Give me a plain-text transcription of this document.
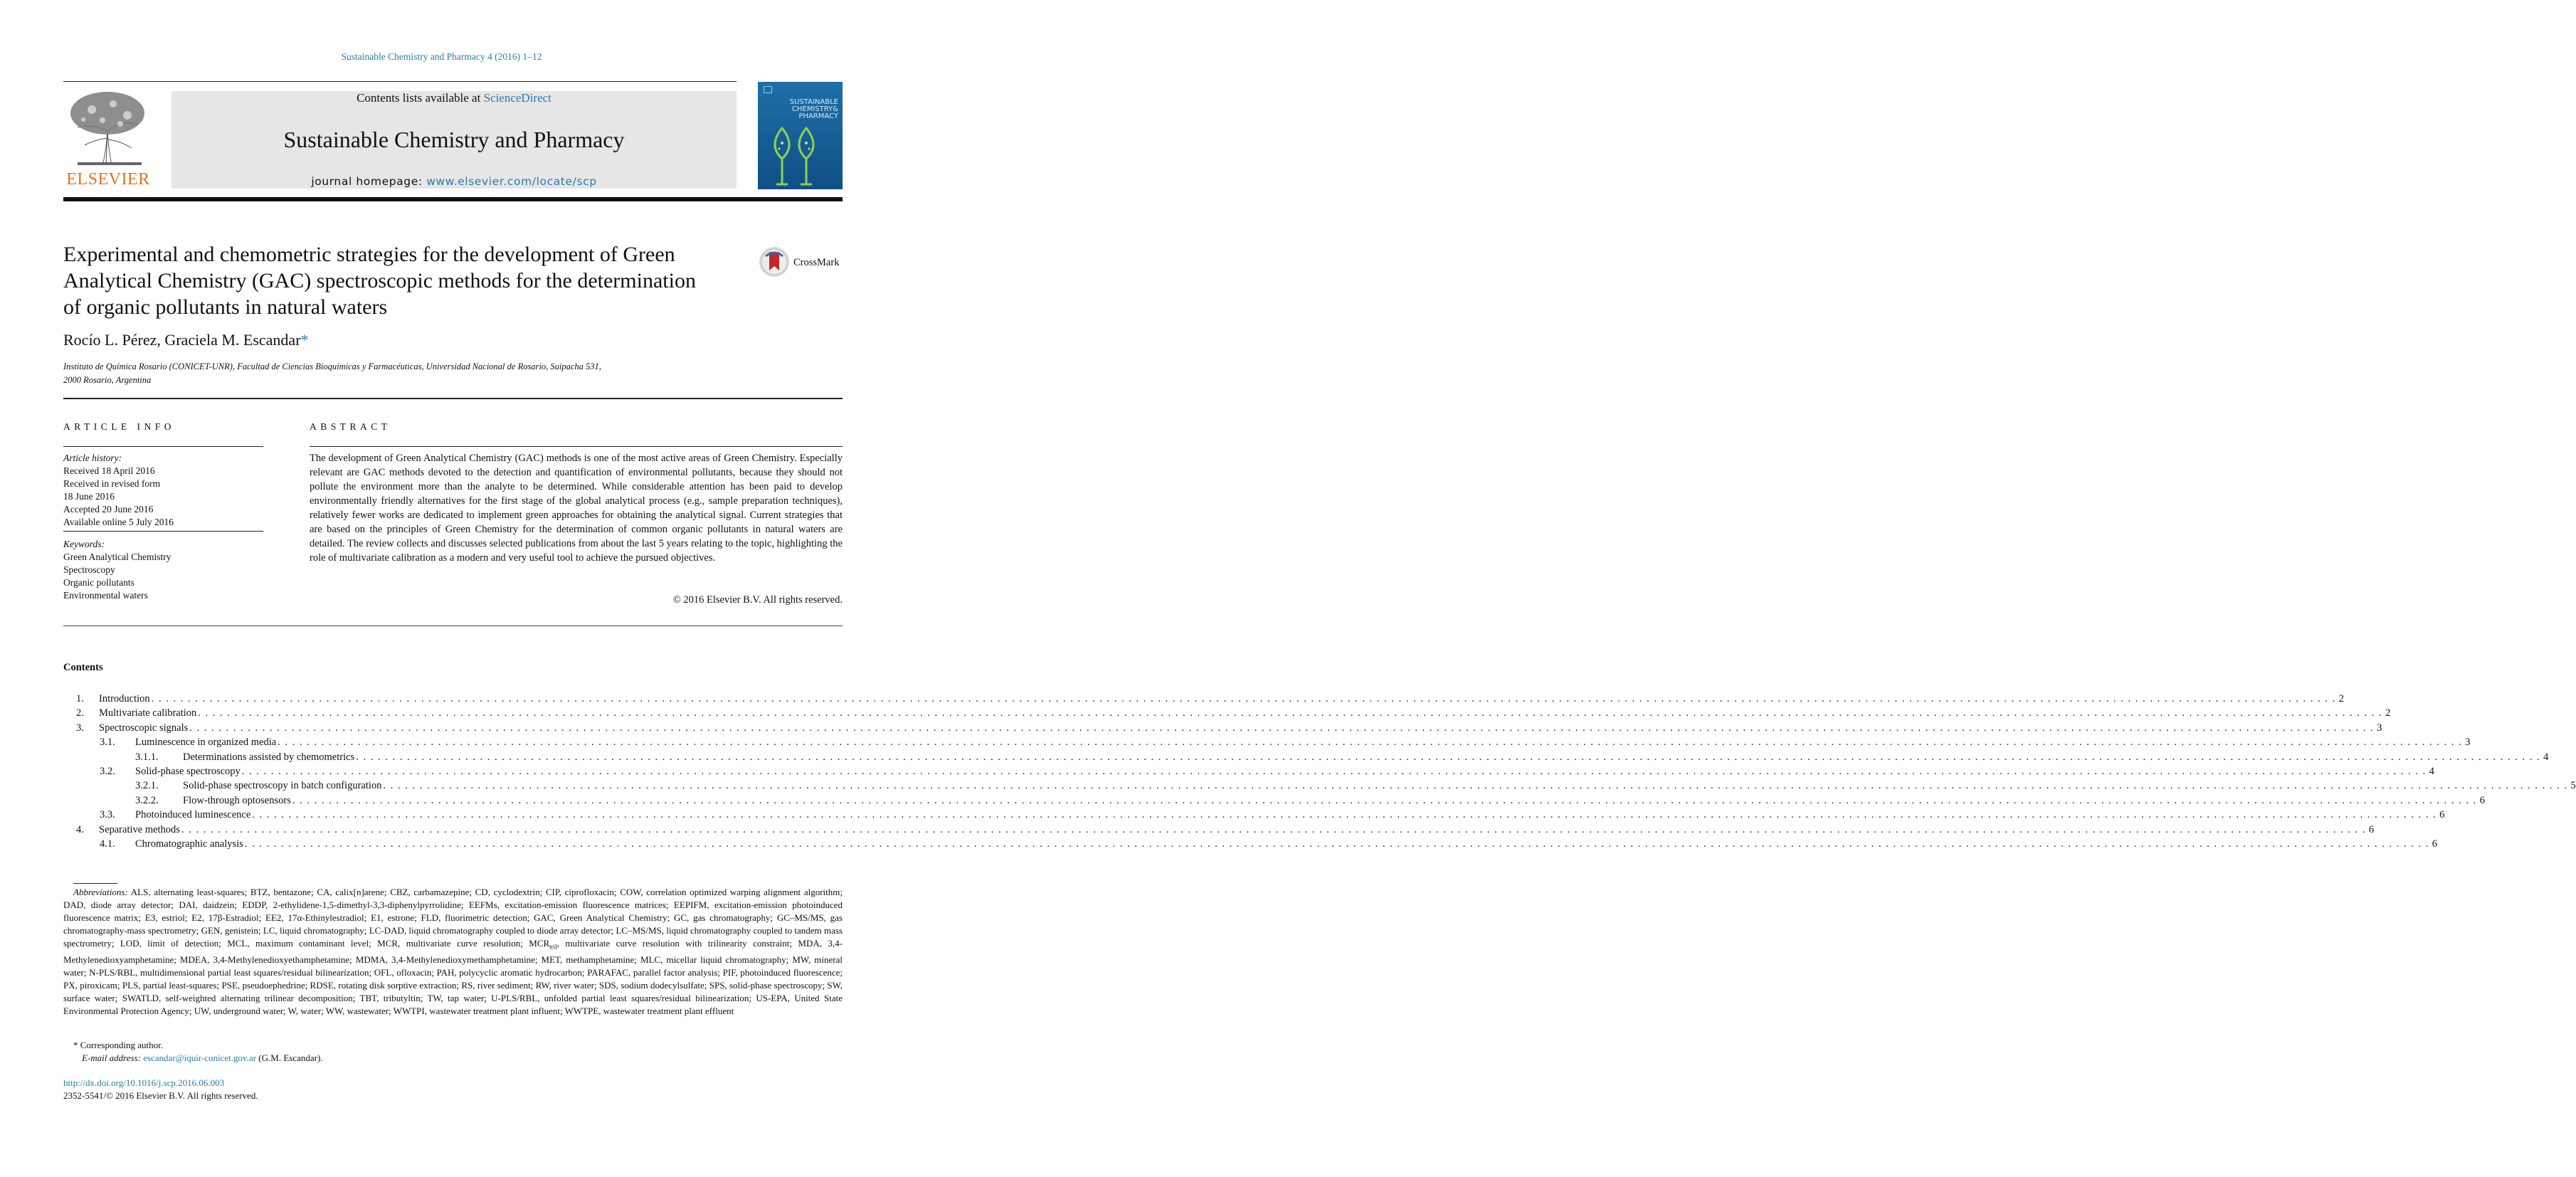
Sustainable Chemistry and Pharmacy 4 (2016) 1–12
ELSEVIER
Contents lists available at ScienceDirect
Sustainable Chemistry and Pharmacy
journal homepage: www.elsevier.com/locate/scp
SUSTAINABLE
CHEMISTRY&
PHARMACY
Experimental and chemometric strategies for the development of Green Analytical Chemistry (GAC) spectroscopic methods for the determination of organic pollutants in natural waters
CrossMark
Rocío L. Pérez, Graciela M. Escandar*
Instituto de Química Rosario (CONICET-UNR), Facultad de Ciencias Bioquímicas y Farmacéuticas, Universidad Nacional de Rosario, Suipacha 531,
2000 Rosario, Argentina
ARTICLE INFO	ABSTRACT
Article history:
Received 18 April 2016
Received in revised form
18 June 2016
Accepted 20 June 2016
Available online 5 July 2016
Keywords:
Green Analytical Chemistry
Spectroscopy
Organic pollutants
Environmental waters
The development of Green Analytical Chemistry (GAC) methods is one of the most active areas of Green Chemistry. Especially relevant are GAC methods devoted to the detection and quantification of environmental pollutants, because they should not pollute the environment more than the analyte to be determined. While considerable attention has been paid to develop environmentally friendly alternatives for the first stage of the global analytical process (e.g., sample preparation techniques), relatively fewer works are dedicated to implement green approaches for obtaining the analytical signal. Current strategies that are based on the principles of Green Chemistry for the determination of common organic pollutants in natural waters are detailed. The review collects and discusses selected publications from about the last 5 years relating to the topic, highlighting the role of multivariate calibration as a modern and very useful tool to achieve the pursued objectives.
© 2016 Elsevier B.V. All rights reserved.
Contents
1. Introduction . . . . . . . . . . . . . . . . . . . . . . . . . . . . . . . . . . . . . . . . . . . . . . . . . . . . . . . . . . . . . . . . . . . . . . . . . . . . . . . . . . . . . . . . . . . . . . . . . . . . . . . . . . . . . . . . . . . . . . . . . . . . . . . . . . . . . . . . . . . . . . . . . . . . . . . . . . . . . . . . . . . . . . . . . . . . . . . . . . . . . . . . . . . . . . . . . . . . . . . . . . . . . . . . . . . . . . . . . . . . . . . . . . . . . . . . . . . . . . . . . . . . . . . . . . . . . . . . . . . . . . . . . . . . . . . . . . . . . . . . . . . . . . . . . . . . . . . . . . . . 2
2. Multivariate calibration . . . . . . . . . . . . . . . . . . . . . . . . . . . . . . . . . . . . . . . . . . . . . . . . . . . . . . . . . . . . . . . . . . . . . . . . . . . . . . . . . . . . . . . . . . . . . . . . . . . . . . . . . . . . . . . . . . . . . . . . . . . . . . . . . . . . . . . . . . . . . . . . . . . . . . . . . . . . . . . . . . . . . . . . . . . . . . . . . . . . . . . . . . . . . . . . . . . . . . . . . . . . . . . . . . . . . . . . . . . . . . . . . . . . . . . . . . . . . . . . . . . . . . . . . . . . . . . . . . . . . . . . . . . . . . . . . . . . . . . . . . . . . . . . . . . . . . . . . . . . 2
3. Spectroscopic signals . . . . . . . . . . . . . . . . . . . . . . . . . . . . . . . . . . . . . . . . . . . . . . . . . . . . . . . . . . . . . . . . . . . . . . . . . . . . . . . . . . . . . . . . . . . . . . . . . . . . . . . . . . . . . . . . . . . . . . . . . . . . . . . . . . . . . . . . . . . . . . . . . . . . . . . . . . . . . . . . . . . . . . . . . . . . . . . . . . . . . . . . . . . . . . . . . . . . . . . . . . . . . . . . . . . . . . . . . . . . . . . . . . . . . . . . . . . . . . . . . . . . . . . . . . . . . . . . . . . . . . . . . . . . . . . . . . . . . . . . . . . . . . . . . . . . . . . . . . . . 3
3.1. Luminescence in organized media . . . . . . . . . . . . . . . . . . . . . . . . . . . . . . . . . . . . . . . . . . . . . . . . . . . . . . . . . . . . . . . . . . . . . . . . . . . . . . . . . . . . . . . . . . . . . . . . . . . . . . . . . . . . . . . . . . . . . . . . . . . . . . . . . . . . . . . . . . . . . . . . . . . . . . . . . . . . . . . . . . . . . . . . . . . . . . . . . . . . . . . . . . . . . . . . . . . . . . . . . . . . . . . . . . . . . . . . . . . . . . . . . . . . . . . . . . . . . . . . . . . . . . . . . . . . . . . . . . . . . . . . . . . . . . . . . . . . . . . . . . . . . . . . . . . . . . . . . . . . 3
3.1.1. Determinations assisted by chemometrics . . . . . . . . . . . . . . . . . . . . . . . . . . . . . . . . . . . . . . . . . . . . . . . . . . . . . . . . . . . . . . . . . . . . . . . . . . . . . . . . . . . . . . . . . . . . . . . . . . . . . . . . . . . . . . . . . . . . . . . . . . . . . . . . . . . . . . . . . . . . . . . . . . . . . . . . . . . . . . . . . . . . . . . . . . . . . . . . . . . . . . . . . . . . . . . . . . . . . . . . . . . . . . . . . . . . . . . . . . . . . . . . . . . . . . . . . . . . . . . . . . . . . . . . . . . . . . . . . . . . . . . . . . . . . . . . . . . . . . . . . . . . . . . . . . . . . . . . . . . . 4
3.2. Solid-phase spectroscopy . . . . . . . . . . . . . . . . . . . . . . . . . . . . . . . . . . . . . . . . . . . . . . . . . . . . . . . . . . . . . . . . . . . . . . . . . . . . . . . . . . . . . . . . . . . . . . . . . . . . . . . . . . . . . . . . . . . . . . . . . . . . . . . . . . . . . . . . . . . . . . . . . . . . . . . . . . . . . . . . . . . . . . . . . . . . . . . . . . . . . . . . . . . . . . . . . . . . . . . . . . . . . . . . . . . . . . . . . . . . . . . . . . . . . . . . . . . . . . . . . . . . . . . . . . . . . . . . . . . . . . . . . . . . . . . . . . . . . . . . . . . . . . . . . . . . . . . . . . . . 4
3.2.1. Solid-phase spectroscopy in batch configuration . . . . . . . . . . . . . . . . . . . . . . . . . . . . . . . . . . . . . . . . . . . . . . . . . . . . . . . . . . . . . . . . . . . . . . . . . . . . . . . . . . . . . . . . . . . . . . . . . . . . . . . . . . . . . . . . . . . . . . . . . . . . . . . . . . . . . . . . . . . . . . . . . . . . . . . . . . . . . . . . . . . . . . . . . . . . . . . . . . . . . . . . . . . . . . . . . . . . . . . . . . . . . . . . . . . . . . . . . . . . . . . . . . . . . . . . . . . . . . . . . . . . . . . . . . . . . . . . . . . . . . . . . . . . . . . . . . . . . . . . . . . . . . . . . . . . . . . . . . . . 5
3.2.2. Flow-through optosensors . . . . . . . . . . . . . . . . . . . . . . . . . . . . . . . . . . . . . . . . . . . . . . . . . . . . . . . . . . . . . . . . . . . . . . . . . . . . . . . . . . . . . . . . . . . . . . . . . . . . . . . . . . . . . . . . . . . . . . . . . . . . . . . . . . . . . . . . . . . . . . . . . . . . . . . . . . . . . . . . . . . . . . . . . . . . . . . . . . . . . . . . . . . . . . . . . . . . . . . . . . . . . . . . . . . . . . . . . . . . . . . . . . . . . . . . . . . . . . . . . . . . . . . . . . . . . . . . . . . . . . . . . . . . . . . . . . . . . . . . . . . . . . . . . . . . . . . . . . . . 6
3.3. Photoinduced luminescence . . . . . . . . . . . . . . . . . . . . . . . . . . . . . . . . . . . . . . . . . . . . . . . . . . . . . . . . . . . . . . . . . . . . . . . . . . . . . . . . . . . . . . . . . . . . . . . . . . . . . . . . . . . . . . . . . . . . . . . . . . . . . . . . . . . . . . . . . . . . . . . . . . . . . . . . . . . . . . . . . . . . . . . . . . . . . . . . . . . . . . . . . . . . . . . . . . . . . . . . . . . . . . . . . . . . . . . . . . . . . . . . . . . . . . . . . . . . . . . . . . . . . . . . . . . . . . . . . . . . . . . . . . . . . . . . . . . . . . . . . . . . . . . . . . . . . . . . . . . . 6
4. Separative methods . . . . . . . . . . . . . . . . . . . . . . . . . . . . . . . . . . . . . . . . . . . . . . . . . . . . . . . . . . . . . . . . . . . . . . . . . . . . . . . . . . . . . . . . . . . . . . . . . . . . . . . . . . . . . . . . . . . . . . . . . . . . . . . . . . . . . . . . . . . . . . . . . . . . . . . . . . . . . . . . . . . . . . . . . . . . . . . . . . . . . . . . . . . . . . . . . . . . . . . . . . . . . . . . . . . . . . . . . . . . . . . . . . . . . . . . . . . . . . . . . . . . . . . . . . . . . . . . . . . . . . . . . . . . . . . . . . . . . . . . . . . . . . . . . . . . . . . . . . . . 6
4.1. Chromatographic analysis . . . . . . . . . . . . . . . . . . . . . . . . . . . . . . . . . . . . . . . . . . . . . . . . . . . . . . . . . . . . . . . . . . . . . . . . . . . . . . . . . . . . . . . . . . . . . . . . . . . . . . . . . . . . . . . . . . . . . . . . . . . . . . . . . . . . . . . . . . . . . . . . . . . . . . . . . . . . . . . . . . . . . . . . . . . . . . . . . . . . . . . . . . . . . . . . . . . . . . . . . . . . . . . . . . . . . . . . . . . . . . . . . . . . . . . . . . . . . . . . . . . . . . . . . . . . . . . . . . . . . . . . . . . . . . . . . . . . . . . . . . . . . . . . . . . . . . . . . . . . 6
Abbreviations: ALS, alternating least-squares; BTZ, bentazone; CA, calix[n]arene; CBZ, carbamazepine; CD, cyclodextrin; CIP, ciprofloxacin; COW, correlation optimized warping alignment algorithm; DAD, diode array detector; DAI, daidzein; EDDP, 2-ethylidene-1,5-dimethyl-3,3-diphenylpyrrolidine; EEFMs, excitation-emission fluorescence matrices; EEPIFM, excitation-emission photoinduced fluorescence matrix; E3, estriol; E2, 17β-Estradiol; EE2, 17α-Ethinylestradiol; E1, estrone; FLD, fluorimetric detection; GAC, Green Analytical Chemistry; GC, gas chromatography; GC–MS/MS, gas chromatography-mass spectrometry; GEN, genistein; LC, liquid chromatography; LC-DAD, liquid chromatography coupled to diode array detector; LC–MS/MS, liquid chromatography coupled to tandem mass spectrometry; LOD, limit of detection; MCL, maximum contaminant level; MCR, multivariate curve resolution; $MCR_{tril}$, multivariate curve resolution with trilinearity constraint; MDA, 3,4-Methylenedioxyamphetamine; MDEA, 3,4-Methylenedioxyethamphetamine; MDMA, 3,4-Methylenedioxymethamphetamine; MET, methamphetamine; MLC, micellar liquid chromatography; MW, mineral water; N-PLS/RBL, multidimensional partial least squares/residual bilinearization; OFL, ofloxacin; PAH, polycyclic aromatic hydrocarbon; PARAFAC, parallel factor analysis; PIF, photoinduced fluorescence; PX, piroxicam; PLS, partial least-squares; PSE, pseudoephedrine; RDSE, rotating disk sorptive extraction; RS, river sediment; RW, river water; SDS, sodium dodecylsulfate; SPS, solid-phase spectroscopy; SW, surface water; SWATLD, self-weighted alternating trilinear decomposition; TBT, tributyltin; TW, tap water; U-PLS/RBL, unfolded partial least squares/residual bilinearization; US-EPA, United State Environmental Protection Agency; UW, underground water; W, water; WW, wastewater; WWTPI, wastewater treatment plant influent; WWTPE, wastewater treatment plant effluent
* Corresponding author.
E-mail address: escandar@iquir-conicet.gov.ar (G.M. Escandar).
http://dx.doi.org/10.1016/j.scp.2016.06.003
2352-5541/© 2016 Elsevier B.V. All rights reserved.
